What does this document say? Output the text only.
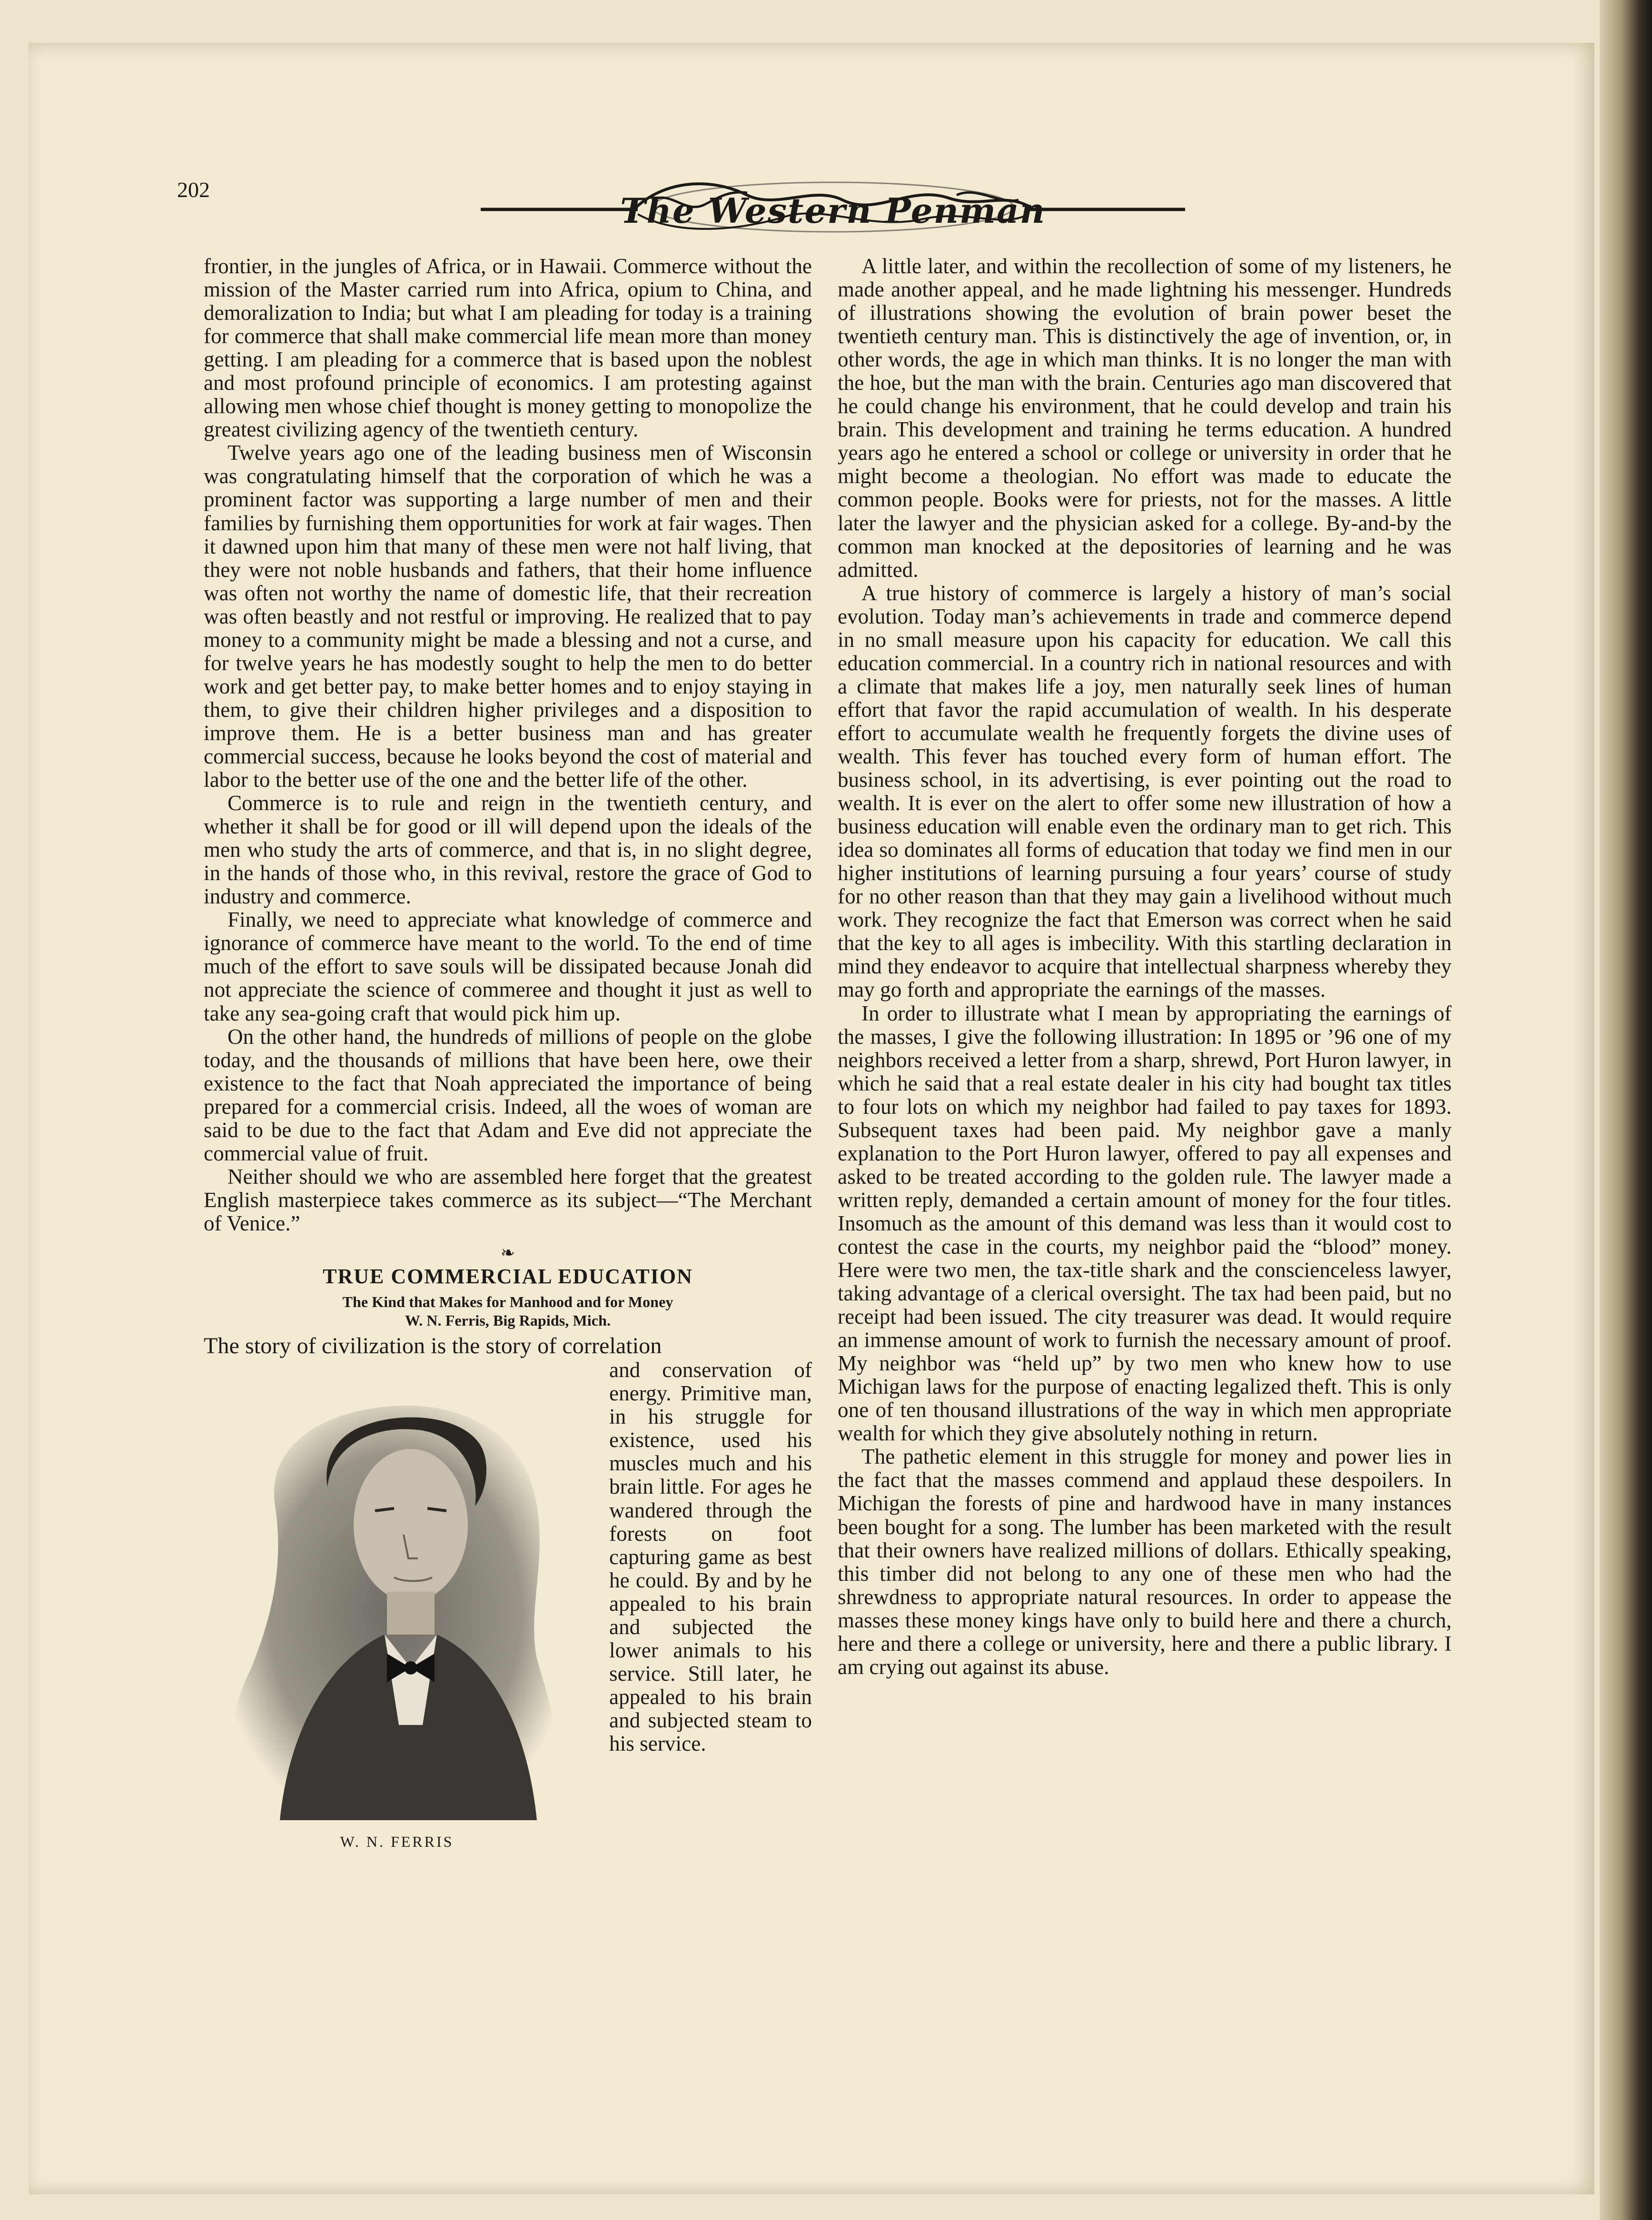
202
The Western Penman

frontier, in the jungles of Africa, or in Hawaii. Commerce without the mission of the Master carried rum into Africa, opium to China, and demoralization to India; but what I am pleading for today is a training for commerce that shall make commercial life mean more than money getting. I am pleading for a commerce that is based upon the noblest and most profound principle of economics. I am protesting against allowing men whose chief thought is money getting to monopolize the greatest civilizing agency of the twentieth century.

Twelve years ago one of the leading business men of Wisconsin was congratulating himself that the corporation of which he was a prominent factor was supporting a large number of men and their families by furnishing them opportunities for work at fair wages. Then it dawned upon him that many of these men were not half living, that they were not noble husbands and fathers, that their home influence was often not worthy the name of domestic life, that their recreation was often beastly and not restful or improving. He realized that to pay money to a community might be made a blessing and not a curse, and for twelve years he has modestly sought to help the men to do better work and get better pay, to make better homes and to enjoy staying in them, to give their children higher privileges and a disposition to improve them. He is a better business man and has greater commercial success, because he looks beyond the cost of material and labor to the better use of the one and the better life of the other.

Commerce is to rule and reign in the twentieth century, and whether it shall be for good or ill will depend upon the ideals of the men who study the arts of commerce, and that is, in no slight degree, in the hands of those who, in this revival, restore the grace of God to industry and commerce.

Finally, we need to appreciate what knowledge of commerce and ignorance of commerce have meant to the world. To the end of time much of the effort to save souls will be dissipated because Jonah did not appreciate the science of commeree and thought it just as well to take any sea-going craft that would pick him up.

On the other hand, the hundreds of millions of people on the globe today, and the thousands of millions that have been here, owe their existence to the fact that Noah appreciated the importance of being prepared for a commercial crisis. Indeed, all the woes of woman are said to be due to the fact that Adam and Eve did not appreciate the commercial value of fruit.

Neither should we who are assembled here forget that the greatest English masterpiece takes commerce as its subject—“The Merchant of Venice.”

❧
TRUE COMMERCIAL EDUCATION

The Kind that Makes for Manhood and for Money

W. N. Ferris, Big Rapids, Mich.

The story of civilization is the story of correlation

W. N. FERRIS
and conservation of energy. Primitive man, in his struggle for existence, used his muscles much and his brain little. For ages he wandered through the forests on foot capturing game as best he could. By and by he appealed to his brain and subjected the lower animals to his service. Still later, he appealed to his brain and subjected steam to his service.

A little later, and within the recollection of some of my listeners, he made another appeal, and he made lightning his messenger. Hundreds of illustrations showing the evolution of brain power beset the twentieth century man. This is distinctively the age of invention, or, in other words, the age in which man thinks. It is no longer the man with the hoe, but the man with the brain. Centuries ago man discovered that he could change his environment, that he could develop and train his brain. This development and training he terms education. A hundred years ago he entered a school or college or university in order that he might become a theologian. No effort was made to educate the common people. Books were for priests, not for the masses. A little later the lawyer and the physician asked for a college. By-and-by the common man knocked at the depositories of learning and he was admitted.

A true history of commerce is largely a history of man’s social evolution. Today man’s achievements in trade and commerce depend in no small measure upon his capacity for education. We call this education commercial. In a country rich in national resources and with a climate that makes life a joy, men naturally seek lines of human effort that favor the rapid accumulation of wealth. In his desperate effort to accumulate wealth he frequently forgets the divine uses of wealth. This fever has touched every form of human effort. The business school, in its advertising, is ever pointing out the road to wealth. It is ever on the alert to offer some new illustration of how a business education will enable even the ordinary man to get rich. This idea so dominates all forms of education that today we find men in our higher institutions of learning pursuing a four years’ course of study for no other reason than that they may gain a livelihood without much work. They recognize the fact that Emerson was correct when he said that the key to all ages is imbecility. With this startling declaration in mind they endeavor to acquire that intellectual sharpness whereby they may go forth and appropriate the earnings of the masses.

In order to illustrate what I mean by appropriating the earnings of the masses, I give the following illustration: In 1895 or ’96 one of my neighbors received a letter from a sharp, shrewd, Port Huron lawyer, in which he said that a real estate dealer in his city had bought tax titles to four lots on which my neighbor had failed to pay taxes for 1893. Subsequent taxes had been paid. My neighbor gave a manly explanation to the Port Huron lawyer, offered to pay all expenses and asked to be treated according to the golden rule. The lawyer made a written reply, demanded a certain amount of money for the four titles. Insomuch as the amount of this demand was less than it would cost to contest the case in the courts, my neighbor paid the “blood” money. Here were two men, the tax-title shark and the conscienceless lawyer, taking advantage of a clerical oversight. The tax had been paid, but no receipt had been issued. The city treasurer was dead. It would require an immense amount of work to furnish the necessary amount of proof. My neighbor was “held up” by two men who knew how to use Michigan laws for the purpose of enacting legalized theft. This is only one of ten thousand illustrations of the way in which men appropriate wealth for which they give absolutely nothing in return.

The pathetic element in this struggle for money and power lies in the fact that the masses commend and applaud these despoilers. In Michigan the forests of pine and hardwood have in many instances been bought for a song. The lumber has been marketed with the result that their owners have realized millions of dollars. Ethically speaking, this timber did not belong to any one of these men who had the shrewdness to appropriate natural resources. In order to appease the masses these money kings have only to build here and there a church, here and there a college or university, here and there a public library. I am crying out against its abuse.
